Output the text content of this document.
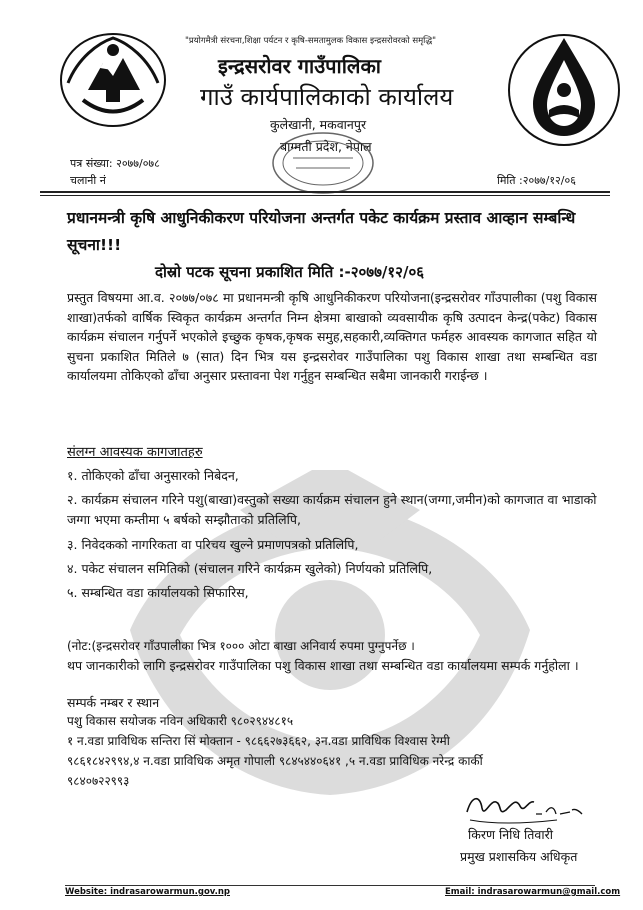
"प्रयोगमैत्री संरचना,शिक्षा पर्यटन र कृषि-समतामुलक विकास इन्द्रसरोवरको समृद्धि"
इन्द्रसरोवर गाउँपालिका
गाउँ कार्यपालिकाको कार्यालय
कुलेखानी, मकवानपुर
बाग्मती प्रदेश, नेपाल
पत्र संख्या: २०७७/०७८
चलानी नं	मिति :२०७७/१२/०६
प्रधानमन्त्री कृषि आधुनिकीकरण परियोजना अन्तर्गत पकेट कार्यक्रम प्रस्ताव आव्हान सम्बन्धि सूचना!!!
दोस्रो पटक सूचना प्रकाशित मिति :-२०७७/१२/०६
प्रस्तुत विषयमा आ.व. २०७७/०७८ मा प्रधानमन्त्री कृषि आधुनिकीकरण परियोजना(इन्द्रसरोवर गाँउपालीका (पशु विकास शाखा)तर्फको वार्षिक स्विकृत कार्यक्रम अन्तर्गत निम्न क्षेत्रमा बाखाको व्यवसायीक कृषि उत्पादन केन्द्र(पकेट) विकास कार्यक्रम संचालन गर्नुपर्ने भएकोले इच्छुक कृषक,कृषक समुह,सहकारी,व्यक्तिगत फर्महरु आवस्यक कागजात सहित यो सुचना प्रकाशित मितिले ७ (सात) दिन भित्र यस इन्द्रसरोवर गाउँपालिका पशु विकास शाखा तथा सम्बन्धित वडा कार्यालयमा तोकिएको ढाँचा अनुसार प्रस्तावना पेश गर्नुहुन सम्बन्धित सबैमा जानकारी गराईन्छ ।
संलग्न आवस्यक कागजातहरु
१. तोकिएको ढाँचा अनुसारको निबेदन,
२. कार्यक्रम संचालन गरिने पशु(बाखा)वस्तुको सख्या कार्यक्रम संचालन हुने स्थान(जग्गा,जमीन)को कागजात वा भाडाको जग्गा भएमा कम्तीमा ५ बर्षको सम्झौताको प्रतिलिपि,
३. निवेदकको नागरिकता वा परिचय खुल्ने प्रमाणपत्रको प्रतिलिपि,
४. पकेट संचालन समितिको (संचालन गरिने कार्यक्रम खुलेको) निर्णयको प्रतिलिपि,
५. सम्बन्धित वडा कार्यालयको सिफारिस,
(नोट:(इन्द्रसरोवर गाँउपालीका भित्र १००० ओटा बाखा अनिवार्य रुपमा पुग्नुपर्नेछ ।
थप जानकारीको लागि इन्द्रसरोवर गाउँपालिका पशु विकास शाखा तथा सम्बन्धित वडा कार्यालयमा सम्पर्क गर्नुहोला ।
सम्पर्क नम्बर र स्थान
पशु विकास सयोजक नविन अधिकारी ९८०२९४४८१५
१ न.वडा प्राविधिक सन्तिरा सिं मोक्तान - ९८६६२७३६६२, ३न.वडा प्राविधिक विश्वास रेग्मी
९८६१८४२९९४,४ न.वडा प्राविधिक अमृत गोपाली ९८४५४४०६४१ ,५ न.वडा प्राविधिक नरेन्द्र कार्की
९८४०७२२९९३
किरण निधि तिवारी
प्रमुख प्रशासकिय अधिकृत
Website: indrasarowarmun.gov.np	Email: indrasarowarmun@gmail.com
